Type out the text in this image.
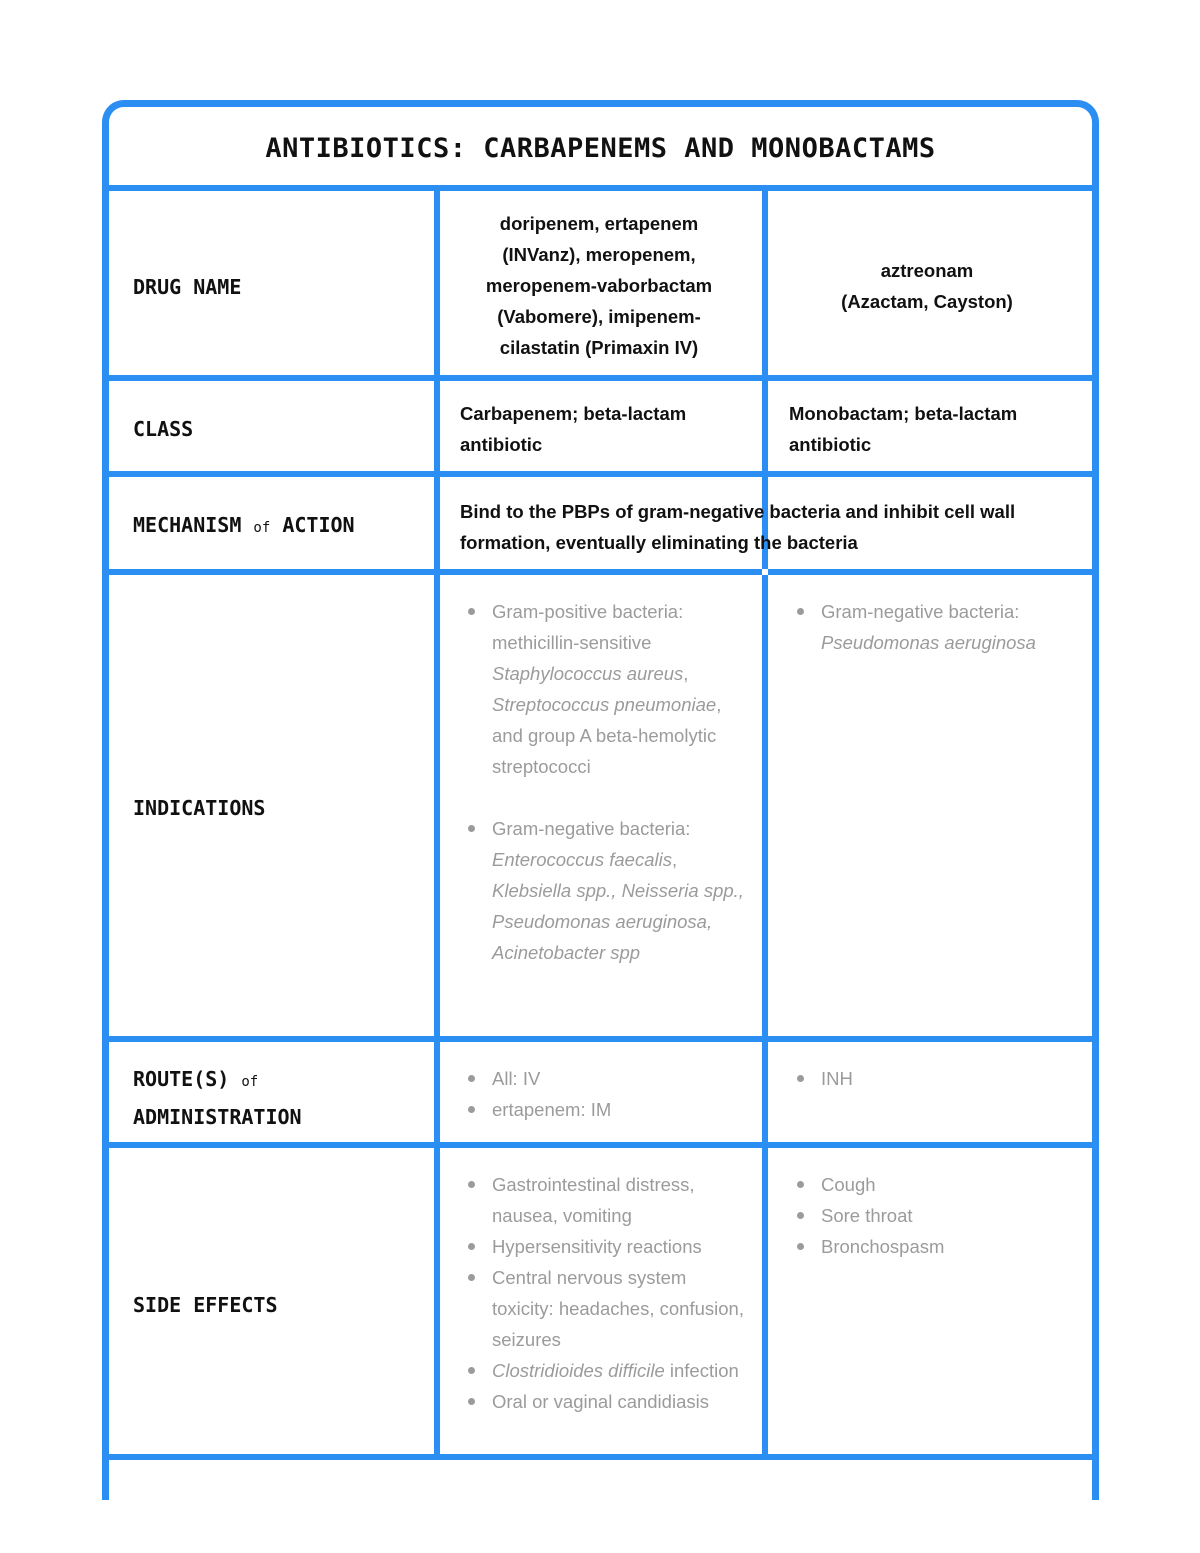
ANTIBIOTICS: CARBAPENEMS AND MONOBACTAMS
DRUG NAME
doripenem, ertapenem (INVanz), meropenem, meropenem-vaborbactam (Vabomere), imipenem-cilastatin (Primaxin IV)
aztreonam
(Azactam, Cayston)
CLASS
Carbapenem; beta-lactam antibiotic
Monobactam; beta-lactam antibiotic
MECHANISM of ACTION
Bind to the PBPs of gram-negative bacteria and inhibit cell wall formation, eventually eliminating the bacteria
INDICATIONS
Gram-positive bacteria: methicillin-sensitive Staphylococcus aureus, Streptococcus pneumoniae, and group A beta-hemolytic streptococci
Gram-negative bacteria: Enterococcus faecalis, Klebsiella spp., Neisseria spp., Pseudomonas aeruginosa, Acinetobacter spp
Gram-negative bacteria: Pseudomonas aeruginosa
ROUTE(S) of
ADMINISTRATION
All: IV
ertapenem: IM
INH
SIDE EFFECTS
Gastrointestinal distress, nausea, vomiting
Hypersensitivity reactions
Central nervous system toxicity: headaches, confusion, seizures
Clostridioides difficile infection
Oral or vaginal candidiasis
Cough
Sore throat
Bronchospasm
